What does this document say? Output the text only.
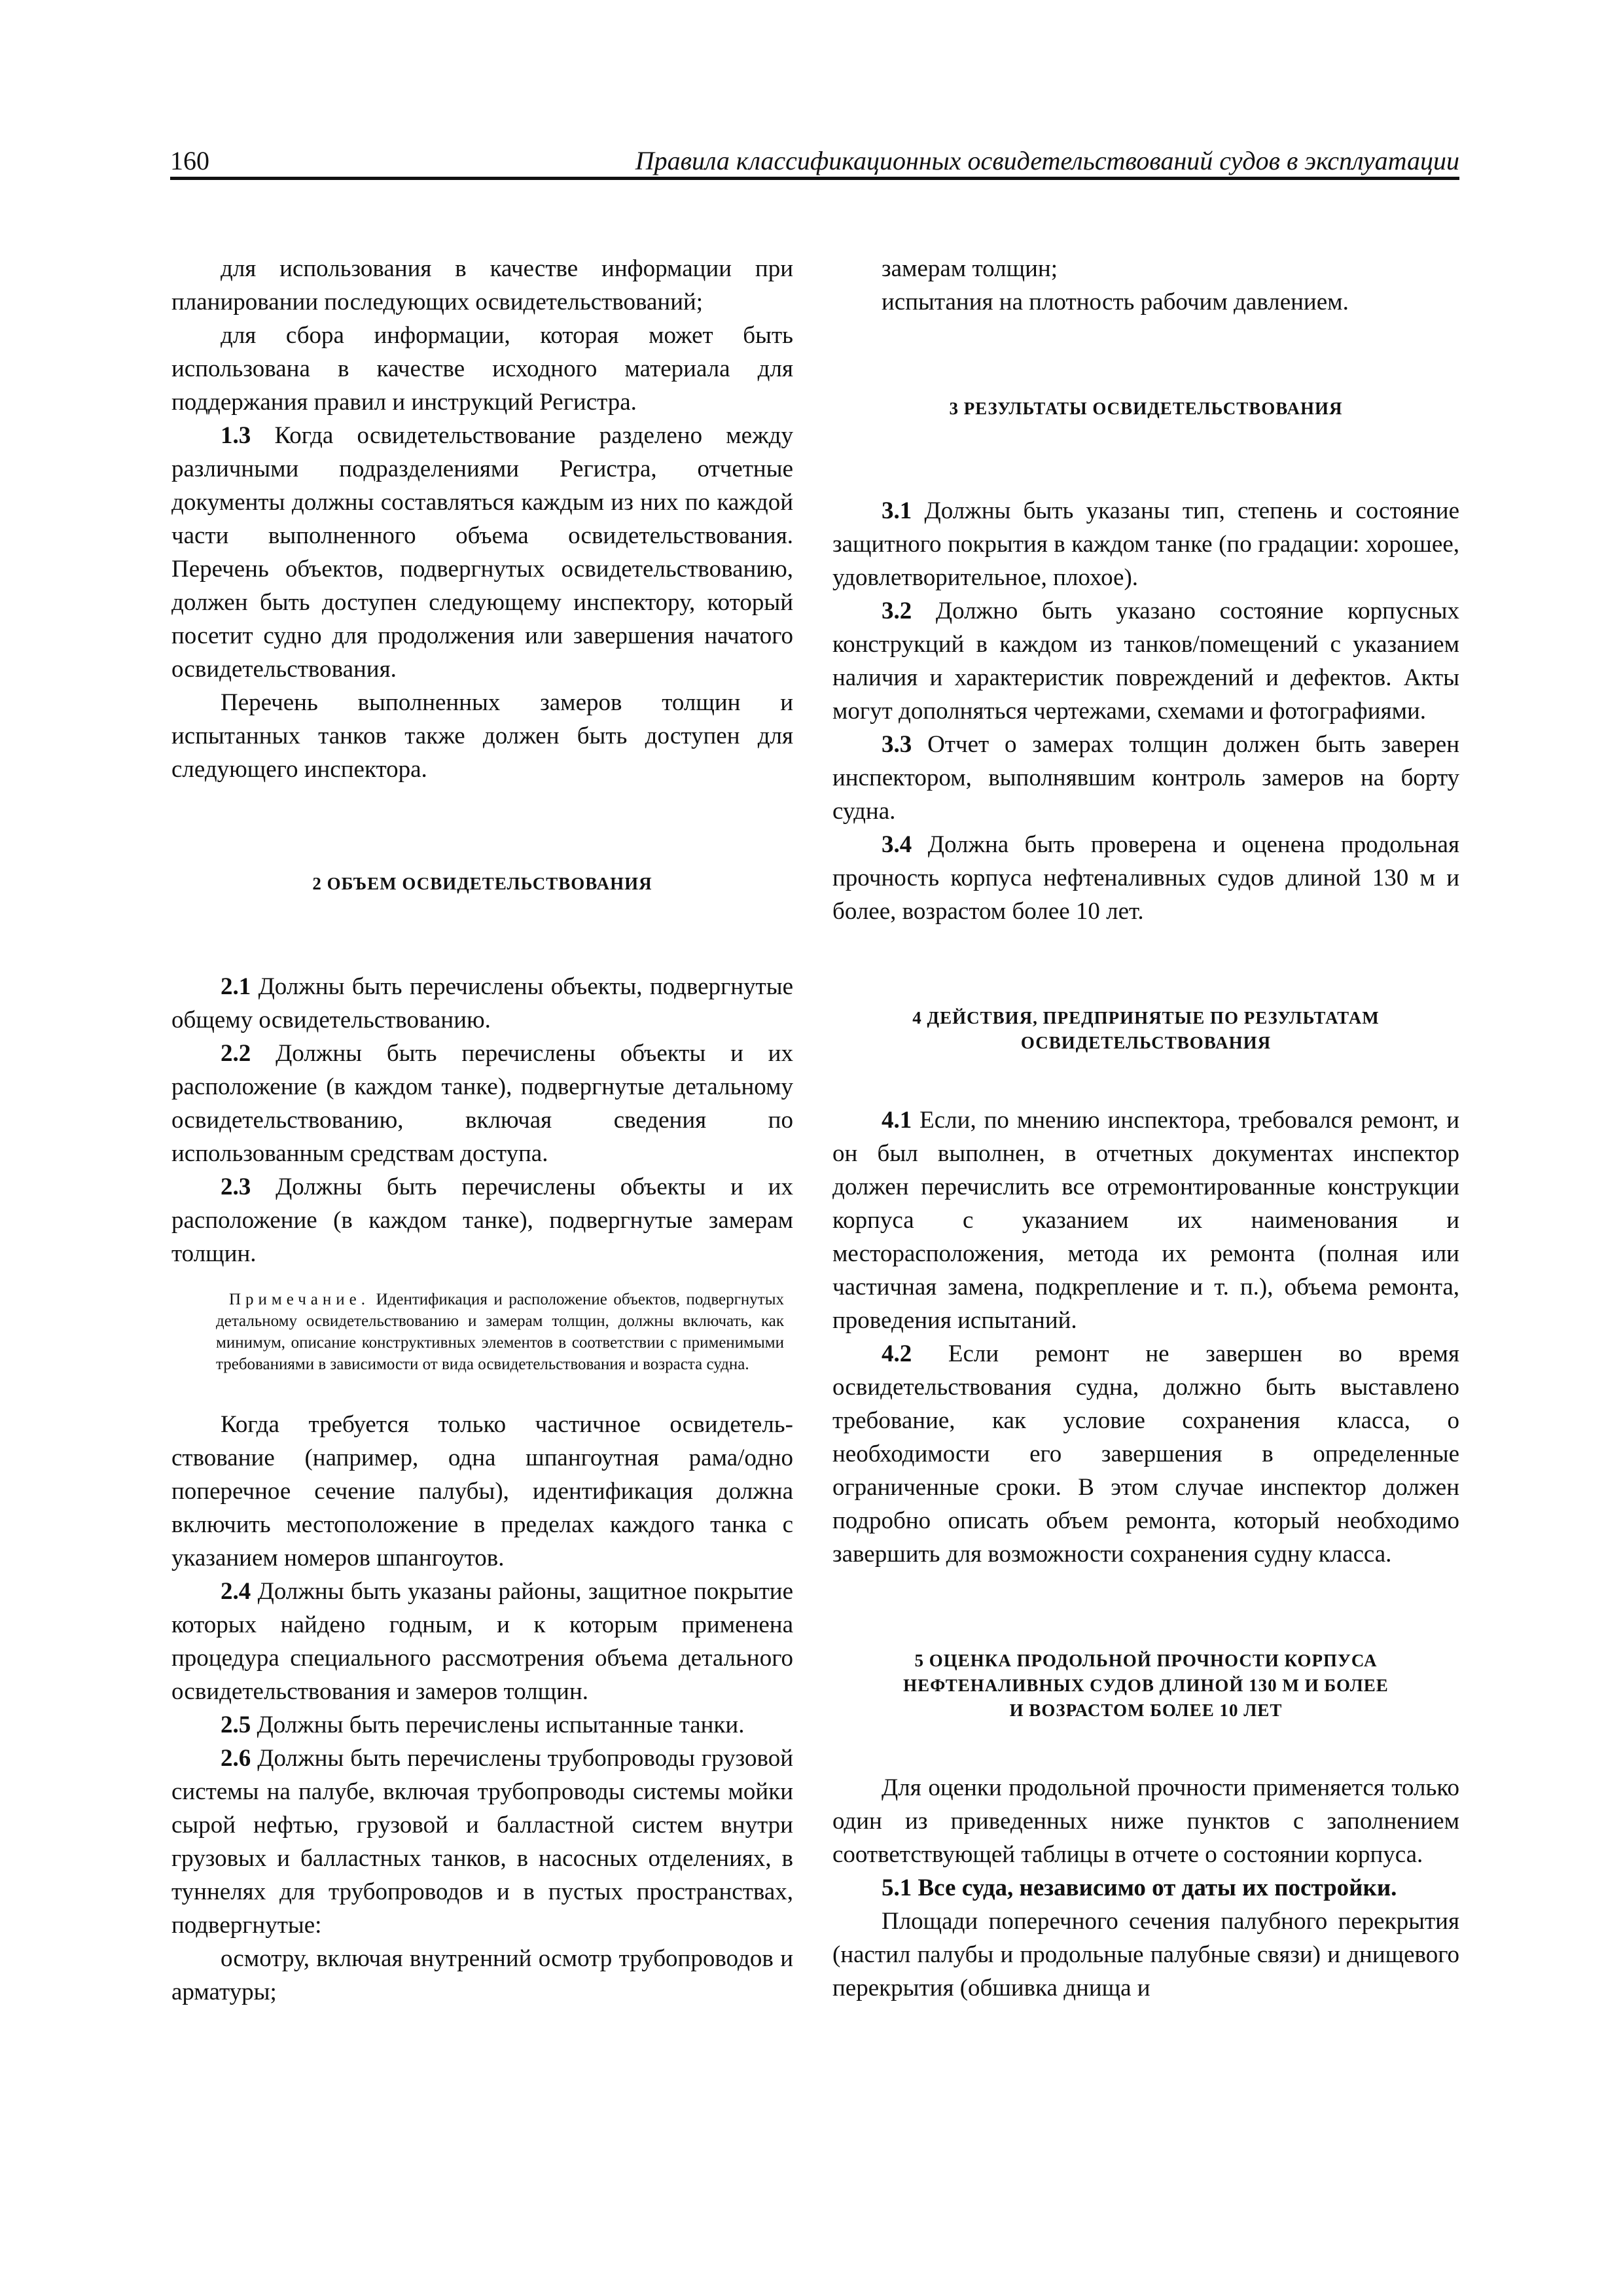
160	Правила классификационных освидетельствований судов в эксплуатации

для использования в качестве информации при планировании последующих освидетельствований;

для сбора информации, которая может быть использована в качестве исходного материала для поддержания правил и инструкций Регистра.

1.3 Когда освидетельствование разделено между различными подразделениями Регистра, отчетные документы должны составляться каждым из них по каждой части выполненного объема освидетельствования. Перечень объектов, подвергнутых освидетельствованию, должен быть доступен следующему инспектору, который посетит судно для продолжения или завершения начатого освидетельствования.

Перечень выполненных замеров толщин и испытанных танков также должен быть доступен для следующего инспектора.

2 ОБЪЕМ ОСВИДЕТЕЛЬСТВОВАНИЯ

2.1 Должны быть перечислены объекты, подвергнутые общему освидетельствованию.

2.2 Должны быть перечислены объекты и их расположение (в каждом танке), подвергнутые детальному освидетельствованию, включая сведения по использованным средствам доступа.

2.3 Должны быть перечислены объекты и их расположение (в каждом танке), подвергнутые замерам толщин.

Примечание. Идентификация и расположение объектов, подвергнутых детальному освидетельствованию и замерам толщин, должны включать, как минимум, описание конструктивных элементов в соответствии с применимыми требованиями в зависимости от вида освидетельствования и возраста судна.

Когда требуется только частичное освидетельствование (например, одна шпангоутная рама/одно поперечное сечение палубы), идентификация должна включить местоположение в пределах каждого танка с указанием номеров шпангоутов.

2.4 Должны быть указаны районы, защитное покрытие которых найдено годным, и к которым применена процедура специального рассмотрения объема детального освидетельствования и замеров толщин.

2.5 Должны быть перечислены испытанные танки.

2.6 Должны быть перечислены трубопроводы грузовой системы на палубе, включая трубопроводы системы мойки сырой нефтью, грузовой и балластной систем внутри грузовых и балластных танков, в насосных отделениях, в туннелях для трубопроводов и в пустых пространствах, подвергнутые:

осмотру, включая внутренний осмотр трубопроводов и арматуры;

замерам толщин;

испытания на плотность рабочим давлением.

3 РЕЗУЛЬТАТЫ ОСВИДЕТЕЛЬСТВОВАНИЯ

3.1 Должны быть указаны тип, степень и состояние защитного покрытия в каждом танке (по градации: хорошее, удовлетворительное, плохое).

3.2 Должно быть указано состояние корпусных конструкций в каждом из танков/помещений с указанием наличия и характеристик повреждений и дефектов. Акты могут дополняться чертежами, схемами и фотографиями.

3.3 Отчет о замерах толщин должен быть заверен инспектором, выполнявшим контроль замеров на борту судна.

3.4 Должна быть проверена и оценена продольная прочность корпуса нефтеналивных судов длиной 130 м и более, возрастом более 10 лет.

4 ДЕЙСТВИЯ, ПРЕДПРИНЯТЫЕ ПО РЕЗУЛЬТАТАМ
ОСВИДЕТЕЛЬСТВОВАНИЯ

4.1 Если, по мнению инспектора, требовался ремонт, и он был выполнен, в отчетных документах инспектор должен перечислить все отремонтированные конструкции корпуса с указанием их наименования и месторасположения, метода их ремонта (полная или частичная замена, подкрепление и т. п.), объема ремонта, проведения испытаний.

4.2 Если ремонт не завершен во время освидетельствования судна, должно быть выставлено требование, как условие сохранения класса, о необходимости его завершения в определенные ограниченные сроки. В этом случае инспектор должен подробно описать объем ремонта, который необходимо завершить для возможности сохранения судну класса.

5 ОЦЕНКА ПРОДОЛЬНОЙ ПРОЧНОСТИ КОРПУСА
НЕФТЕНАЛИВНЫХ СУДОВ ДЛИНОЙ 130 М И БОЛЕЕ
И ВОЗРАСТОМ БОЛЕЕ 10 ЛЕТ

Для оценки продольной прочности применяется только один из приведенных ниже пунктов с заполнением соответствующей таблицы в отчете о состоянии корпуса.

5.1 Все суда, независимо от даты их постройки.

Площади поперечного сечения палубного перекрытия (настил палубы и продольные палубные связи) и днищевого перекрытия (обшивка днища и
